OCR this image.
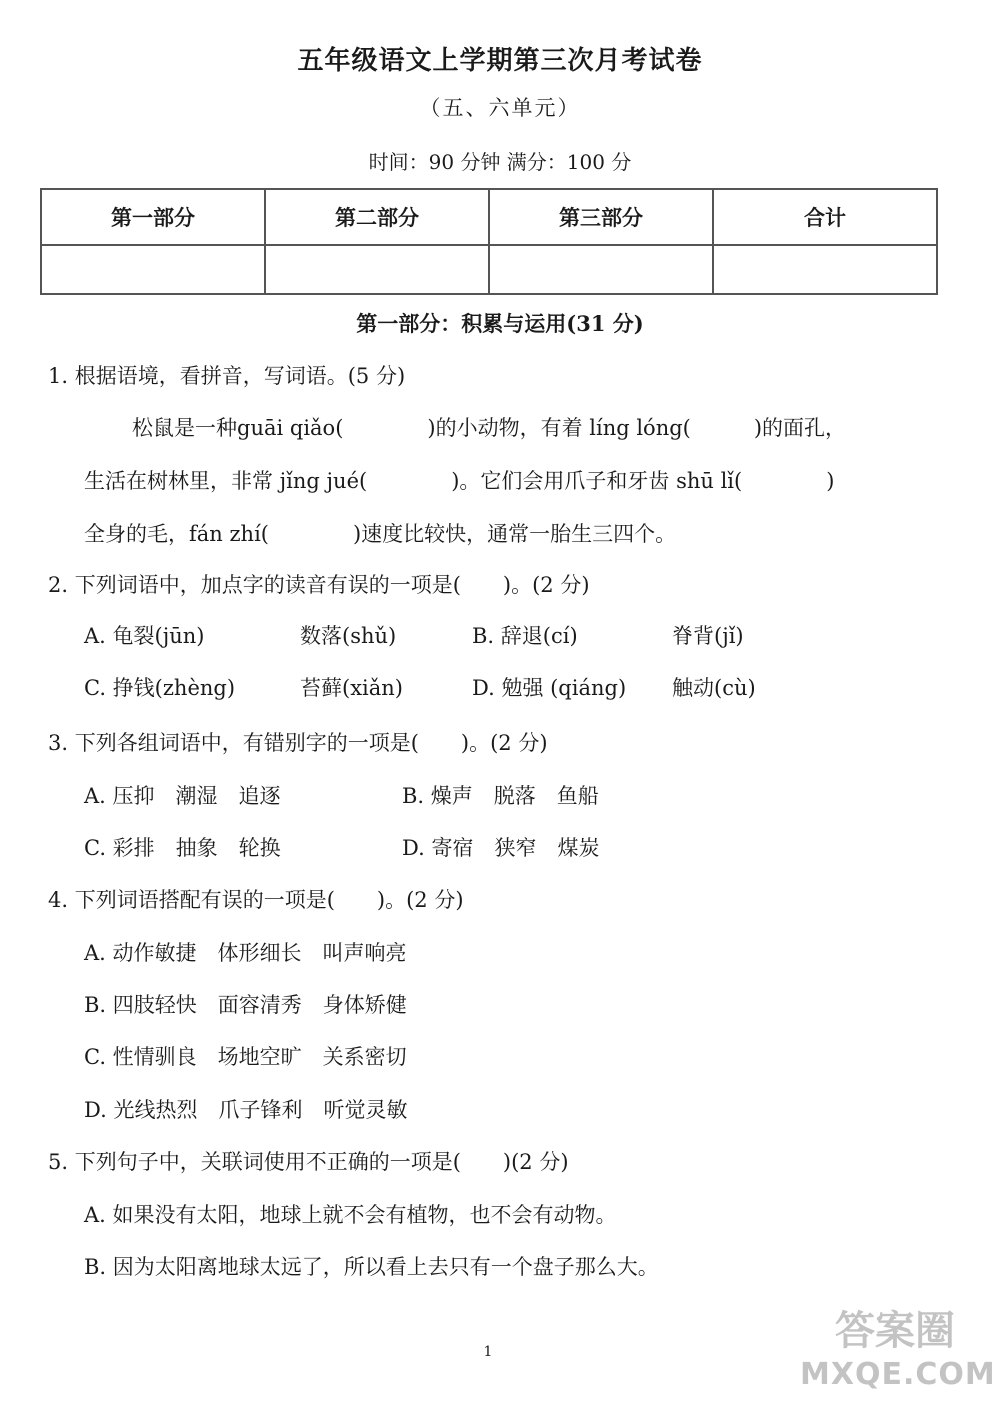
五年级语文上学期第三次月考试卷
（五、六单元）
时间：90 分钟 满分：100 分
第一部分	第二部分	第三部分	合计

第一部分：积累与运用(31 分)
1. 根据语境，看拼音，写词语。(5 分)
松鼠是一种guāi qiǎo(　　　　)的小动物，有着 líng lóng(　　　)的面孔，
生活在树林里，非常 jǐng jué(　　　　)。它们会用爪子和牙齿 shū lǐ(　　　　)
全身的毛，fán zhí(　　　　)速度比较快，通常一胎生三四个。
2. 下列词语中，加点字的读音有误的一项是(　　)。(2 分)
A. 龟裂(jūn)	数落(shǔ)	B. 辞退(cí)	脊背(jǐ)
C. 挣钱(zhèng)	苔藓(xiǎn)	D. 勉强 (qiáng) 触动(cù)
3. 下列各组词语中，有错别字的一项是(　　)。(2 分)
A. 压抑　潮湿　追逐	B. 燥声　脱落　鱼船
C. 彩排　抽象　轮换	D. 寄宿　狭窄　煤炭
4. 下列词语搭配有误的一项是(　　)。(2 分)
A. 动作敏捷　体形细长　叫声响亮
B. 四肢轻快　面容清秀　身体矫健
C. 性情驯良　场地空旷　关系密切
D. 光线热烈　爪子锋利　听觉灵敏
5. 下列句子中，关联词使用不正确的一项是(　　)(2 分)
A. 如果没有太阳，地球上就不会有植物，也不会有动物。
B. 因为太阳离地球太远了，所以看上去只有一个盘子那么大。
1	答案圈
MXQE.COM
